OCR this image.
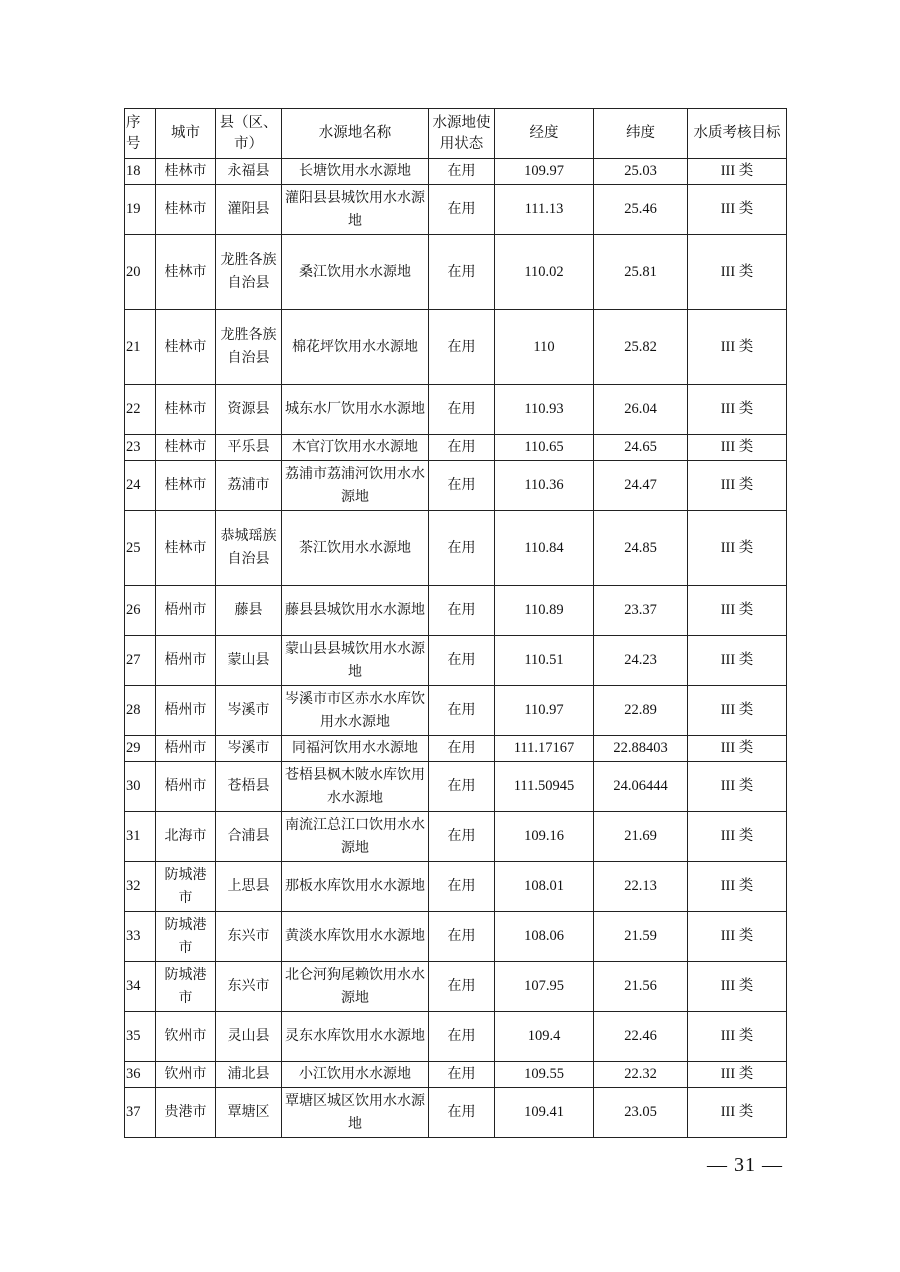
序号	城市	县（区、市）	水源地名称	水源地使用状态	经度	纬度	水质考核目标
18	桂林市	永福县	长塘饮用水水源地	在用	109.97	25.03	III 类
19	桂林市	灌阳县	灌阳县县城饮用水水源地	在用	111.13	25.46	III 类
20	桂林市	龙胜各族自治县	桑江饮用水水源地	在用	110.02	25.81	III 类
21	桂林市	龙胜各族自治县	棉花坪饮用水水源地	在用	110	25.82	III 类
22	桂林市	资源县	城东水厂饮用水水源地	在用	110.93	26.04	III 类
23	桂林市	平乐县	木官汀饮用水水源地	在用	110.65	24.65	III 类
24	桂林市	荔浦市	荔浦市荔浦河饮用水水源地	在用	110.36	24.47	III 类
25	桂林市	恭城瑶族自治县	茶江饮用水水源地	在用	110.84	24.85	III 类
26	梧州市	藤县	藤县县城饮用水水源地	在用	110.89	23.37	III 类
27	梧州市	蒙山县	蒙山县县城饮用水水源地	在用	110.51	24.23	III 类
28	梧州市	岑溪市	岑溪市市区赤水水库饮用水水源地	在用	110.97	22.89	III 类
29	梧州市	岑溪市	同福河饮用水水源地	在用	111.17167	22.88403	III 类
30	梧州市	苍梧县	苍梧县枫木陂水库饮用水水源地	在用	111.50945	24.06444	III 类
31	北海市	合浦县	南流江总江口饮用水水源地	在用	109.16	21.69	III 类
32	防城港市	上思县	那板水库饮用水水源地	在用	108.01	22.13	III 类
33	防城港市	东兴市	黄淡水库饮用水水源地	在用	108.06	21.59	III 类
34	防城港市	东兴市	北仑河狗尾赖饮用水水源地	在用	107.95	21.56	III 类
35	钦州市	灵山县	灵东水库饮用水水源地	在用	109.4	22.46	III 类
36	钦州市	浦北县	小江饮用水水源地	在用	109.55	22.32	III 类
37	贵港市	覃塘区	覃塘区城区饮用水水源地	在用	109.41	23.05	III 类
— 31 —
